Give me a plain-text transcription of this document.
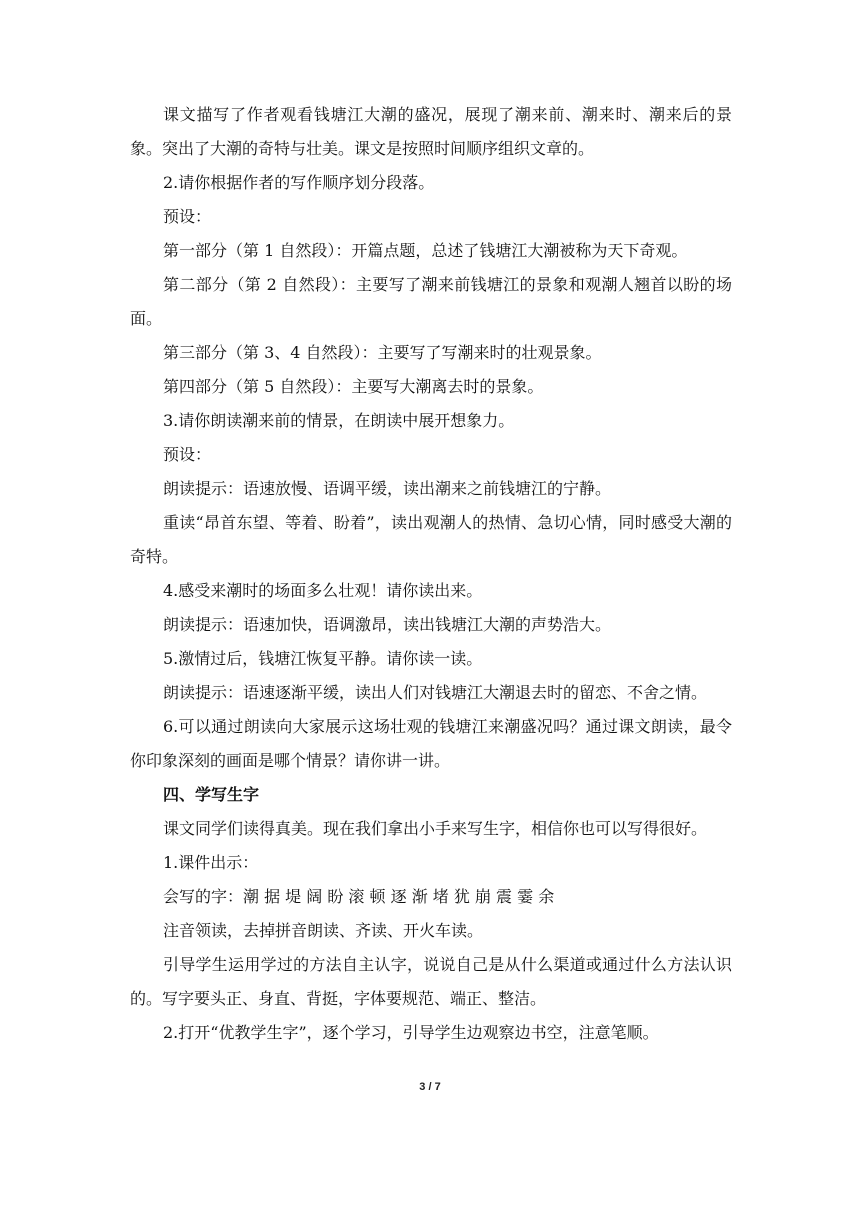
课文描写了作者观看钱塘江大潮的盛况，展现了潮来前、潮来时、潮来后的景象。突出了大潮的奇特与壮美。课文是按照时间顺序组织文章的。

2.请你根据作者的写作顺序划分段落。

预设：

第一部分（第 1 自然段）：开篇点题，总述了钱塘江大潮被称为天下奇观。

第二部分（第 2 自然段）：主要写了潮来前钱塘江的景象和观潮人翘首以盼的场面。

第三部分（第 3、4 自然段）：主要写了写潮来时的壮观景象。

第四部分（第 5 自然段）：主要写大潮离去时的景象。

3.请你朗读潮来前的情景，在朗读中展开想象力。

预设：

朗读提示：语速放慢、语调平缓，读出潮来之前钱塘江的宁静。

重读“昂首东望、等着、盼着”，读出观潮人的热情、急切心情，同时感受大潮的奇特。

4.感受来潮时的场面多么壮观！请你读出来。

朗读提示：语速加快，语调激昂，读出钱塘江大潮的声势浩大。

5.激情过后，钱塘江恢复平静。请你读一读。

朗读提示：语速逐渐平缓，读出人们对钱塘江大潮退去时的留恋、不舍之情。

6.可以通过朗读向大家展示这场壮观的钱塘江来潮盛况吗？通过课文朗读，最令你印象深刻的画面是哪个情景？请你讲一讲。

四、学写生字

课文同学们读得真美。现在我们拿出小手来写生字，相信你也可以写得很好。

1.课件出示：

会写的字：潮 据 堤 阔 盼 滚 顿 逐 渐 堵 犹 崩 震 霎 余

注音领读，去掉拼音朗读、齐读、开火车读。

引导学生运用学过的方法自主认字，说说自己是从什么渠道或通过什么方法认识的。写字要头正、身直、背挺，字体要规范、端正、整洁。

2.打开“优教学生字”，逐个学习，引导学生边观察边书空，注意笔顺。

3 / 7
